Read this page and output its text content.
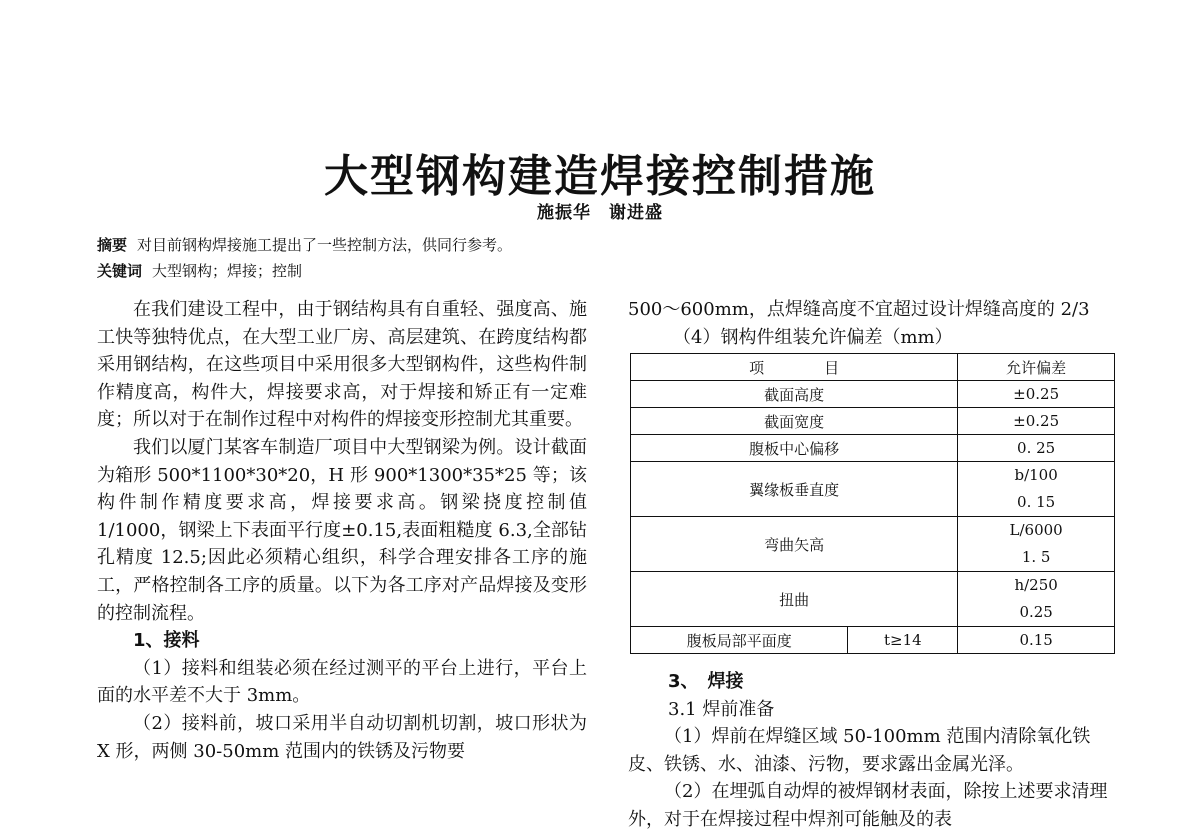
大型钢构建造焊接控制措施
施振华　谢进盛
摘要 对目前钢构焊接施工提出了一些控制方法，供同行参考。
关键词 大型钢构；焊接；控制

在我们建设工程中，由于钢结构具有自重轻、强度高、施工快等独特优点，在大型工业厂房、高层建筑、在跨度结构都采用钢结构，在这些项目中采用很多大型钢构件，这些构件制作精度高，构件大，焊接要求高，对于焊接和矫正有一定难度；所以对于在制作过程中对构件的焊接变形控制尤其重要。

我们以厦门某客车制造厂项目中大型钢梁为例。设计截面为箱形 500*1100*30*20，H 形 900*1300*35*25 等；该构件制作精度要求高，焊接要求高。钢梁挠度控制值 1/1000，钢梁上下表面平行度±0.15,表面粗糙度 6.3,全部钻孔精度 12.5;因此必须精心组织，科学合理安排各工序的施工，严格控制各工序的质量。以下为各工序对产品焊接及变形的控制流程。

1、接料

（1）接料和组装必须在经过测平的平台上进行，平台上面的水平差不大于 3mm。

（2）接料前，坡口采用半自动切割机切割，坡口形状为 X 形，两侧 30-50mm 范围内的铁锈及污物要

500～600mm，点焊缝高度不宜超过设计焊缝高度的 2/3

（4）钢构件组装允许偏差（mm）

项　　　　目		允许偏差
截面高度		±0.25
截面宽度		±0.25
腹板中心偏移		0. 25
翼缘板垂直度		b/100
0. 15

弯曲矢高		L/6000
1. 5

扭曲		h/250
0.25

腹板局部平面度	t≥14	0.15

3、　焊接

3.1 焊前准备

（1）焊前在焊缝区域 50-100mm 范围内清除氧化铁皮、铁锈、水、油漆、污物，要求露出金属光泽。

（2）在埋弧自动焊的被焊钢材表面，除按上述要求清理外，对于在焊接过程中焊剂可能触及的表
